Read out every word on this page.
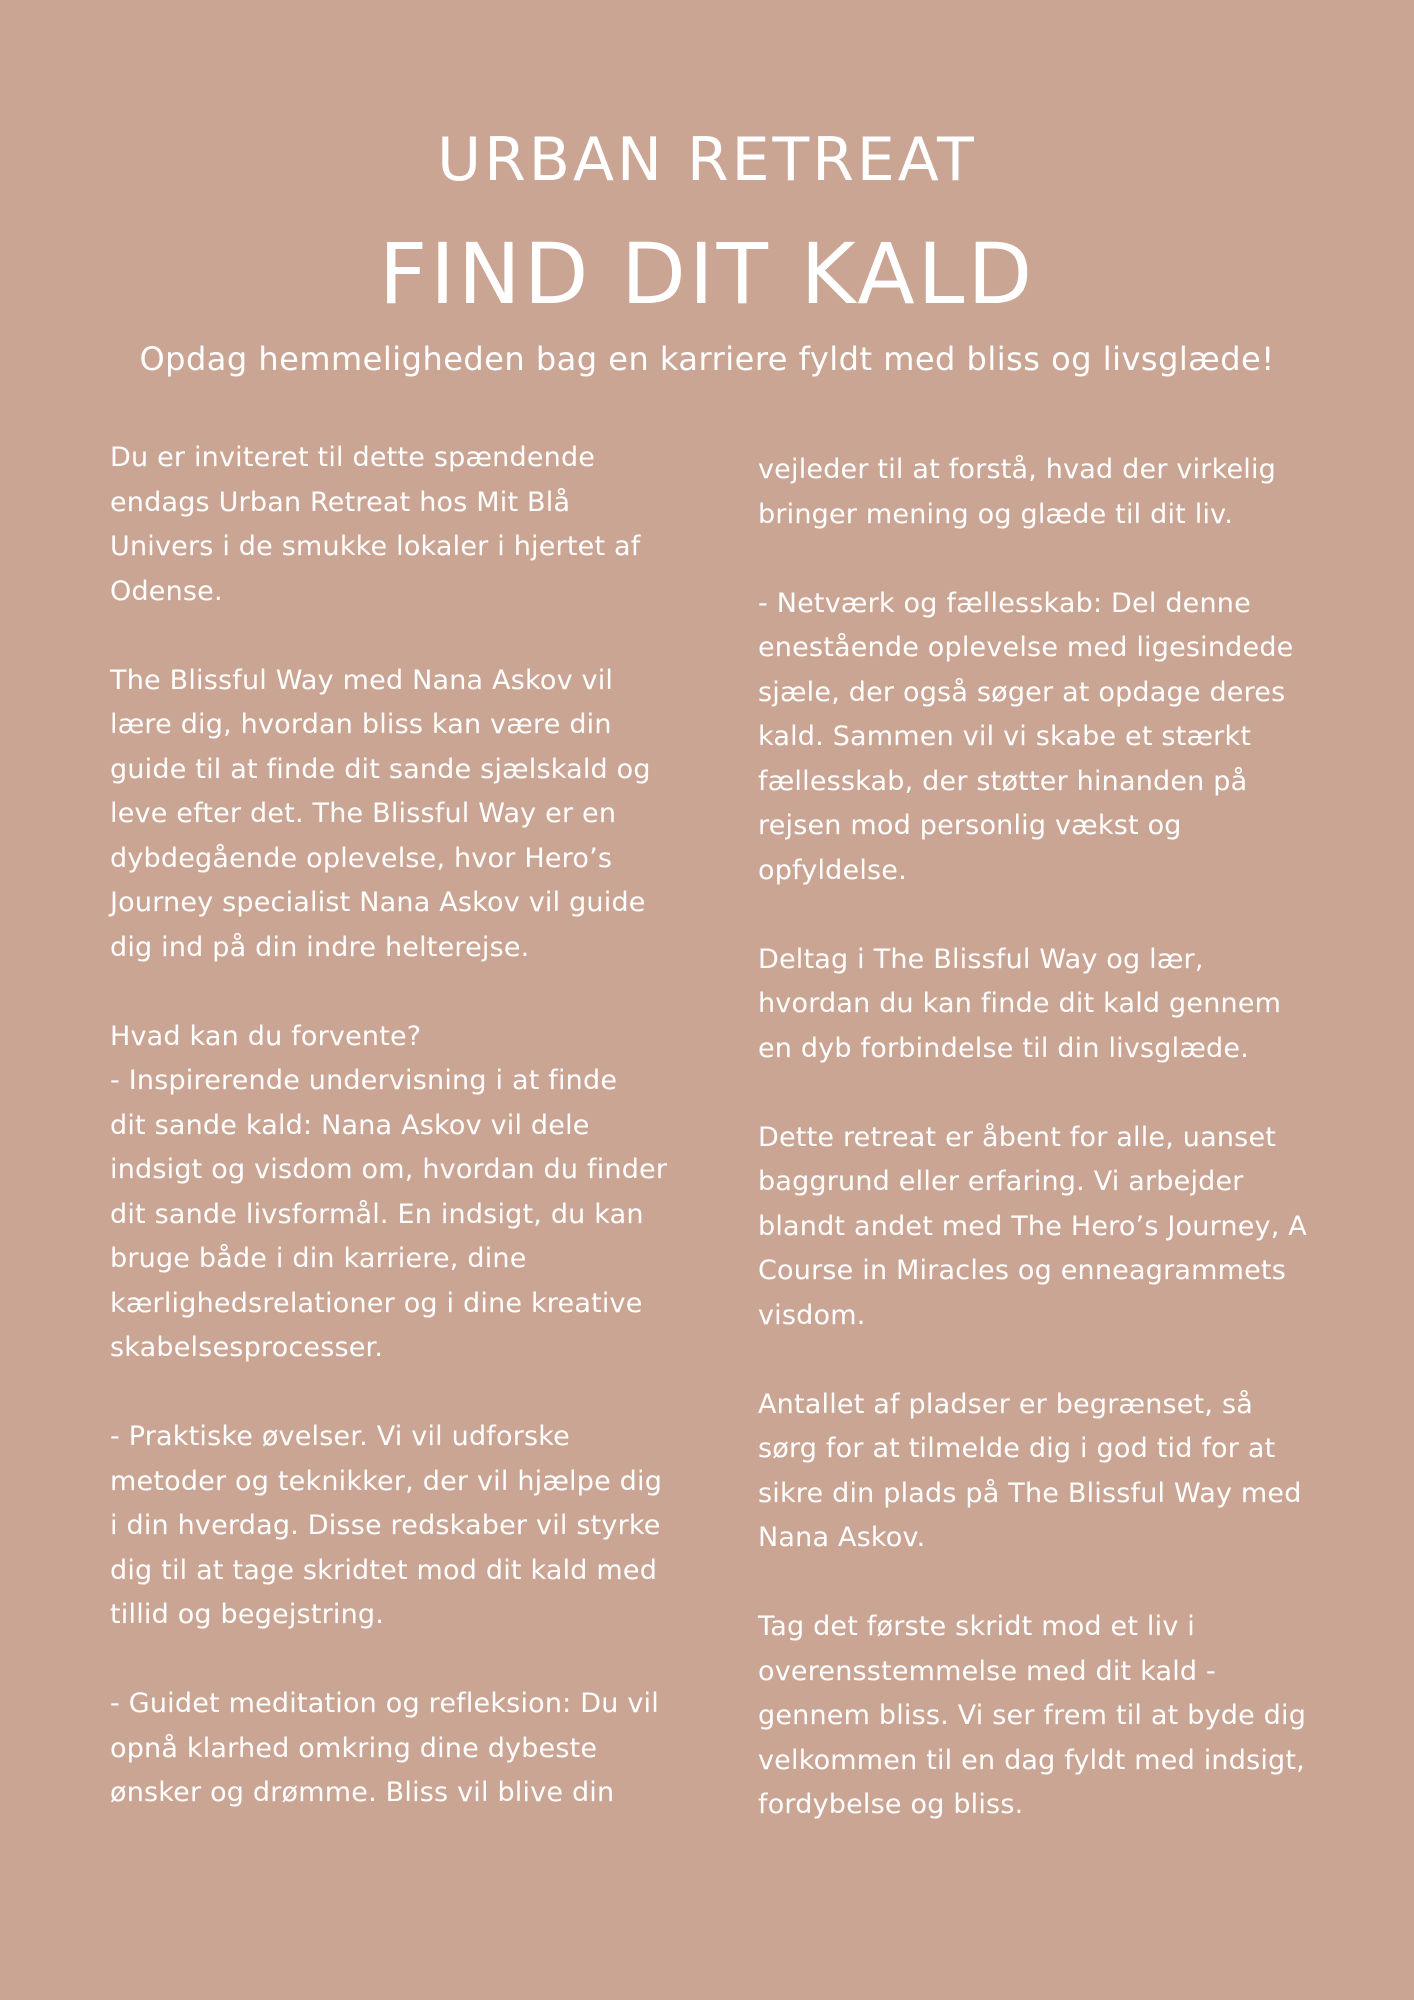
URBAN RETREAT
FIND DIT KALD

Opdag hemmeligheden bag en karriere fyldt med bliss og livsglæde!

Du er inviteret til dette spændende
endags Urban Retreat hos Mit Blå
Univers i de smukke lokaler i hjertet af
Odense.

The Blissful Way med Nana Askov vil
lære dig, hvordan bliss kan være din
guide til at finde dit sande sjælskald og
leve efter det. The Blissful Way er en
dybdegående oplevelse, hvor Hero’s
Journey specialist Nana Askov vil guide
dig ind på din indre helterejse.

Hvad kan du forvente?
- Inspirerende undervisning i at finde
dit sande kald: Nana Askov vil dele
indsigt og visdom om, hvordan du finder
dit sande livsformål. En indsigt, du kan
bruge både i din karriere, dine
kærlighedsrelationer og i dine kreative
skabelsesprocesser.

- Praktiske øvelser. Vi vil udforske
metoder og teknikker, der vil hjælpe dig
i din hverdag. Disse redskaber vil styrke
dig til at tage skridtet mod dit kald med
tillid og begejstring.

- Guidet meditation og refleksion: Du vil
opnå klarhed omkring dine dybeste
ønsker og drømme. Bliss vil blive din

vejleder til at forstå, hvad der virkelig
bringer mening og glæde til dit liv.

- Netværk og fællesskab: Del denne
enestående oplevelse med ligesindede
sjæle, der også søger at opdage deres
kald. Sammen vil vi skabe et stærkt
fællesskab, der støtter hinanden på
rejsen mod personlig vækst og
opfyldelse.

Deltag i The Blissful Way og lær,
hvordan du kan finde dit kald gennem
en dyb forbindelse til din livsglæde.

Dette retreat er åbent for alle, uanset
baggrund eller erfaring. Vi arbejder
blandt andet med The Hero’s Journey, A
Course in Miracles og enneagrammets
visdom.

Antallet af pladser er begrænset, så
sørg for at tilmelde dig i god tid for at
sikre din plads på The Blissful Way med
Nana Askov.

Tag det første skridt mod et liv i
overensstemmelse med dit kald -
gennem bliss. Vi ser frem til at byde dig
velkommen til en dag fyldt med indsigt,
fordybelse og bliss.
